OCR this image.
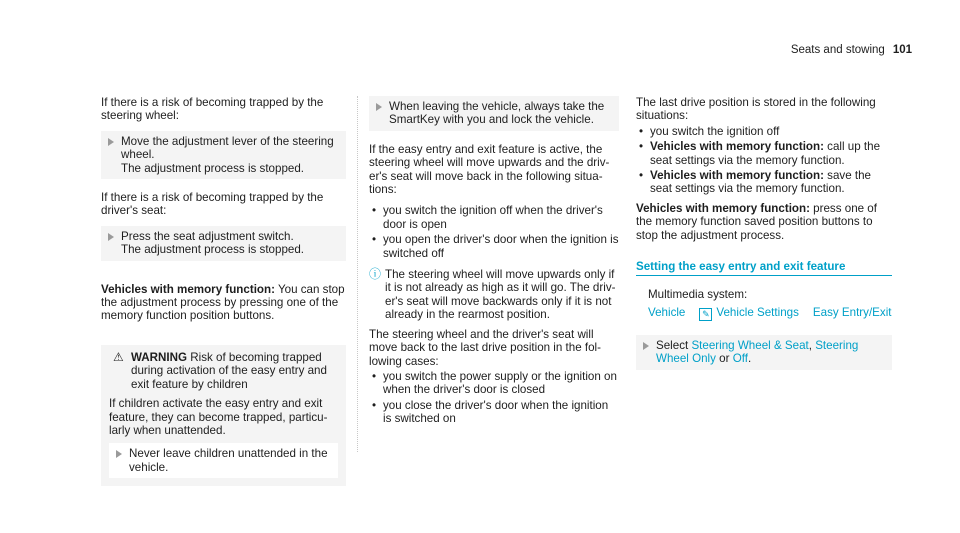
Seats and stowing 101

If there is a risk of becoming trapped by the steering wheel:

Move the adjustment lever of the steering wheel.
The adjustment process is stopped.

If there is a risk of becoming trapped by the driver's seat:

Press the seat adjustment switch.
The adjustment process is stopped.

Vehicles with memory function: You can stop the adjustment process by pressing one of the memory function position buttons.

⚠ WARNING Risk of becoming trapped during activation of the easy entry and exit feature by children
If children activate the easy entry and exit feature, they can become trapped, particularly when unattended.
Never leave children unattended in the vehicle.
When leaving the vehicle, always take the SmartKey with you and lock the vehicle.

If the easy entry and exit feature is active, the steering wheel will move upwards and the driver's seat will move back in the following situations:

• you switch the ignition off when the driver's door is open
• you open the driver's door when the ignition is switched off
ⓘ The steering wheel will move upwards only if it is not already as high as it will go. The driver's seat will move backwards only if it is not already in the rearmost position.

The steering wheel and the driver's seat will move back to the last drive position in the following cases:

• you switch the power supply or the ignition on when the driver's door is closed
• you close the driver's door when the ignition is switched on

The last drive position is stored in the following situations:

• you switch the ignition off
• Vehicles with memory function: call up the seat settings via the memory function.
• Vehicles with memory function: save the seat settings via the memory function.

Vehicles with memory function: press one of the memory function saved position buttons to stop the adjustment process.

Setting the easy entry and exit feature

Multimedia system:

Vehicle ✎ Vehicle Settings Easy Entry/Exit
Select Steering Wheel & Seat, Steering Wheel Only or Off.
